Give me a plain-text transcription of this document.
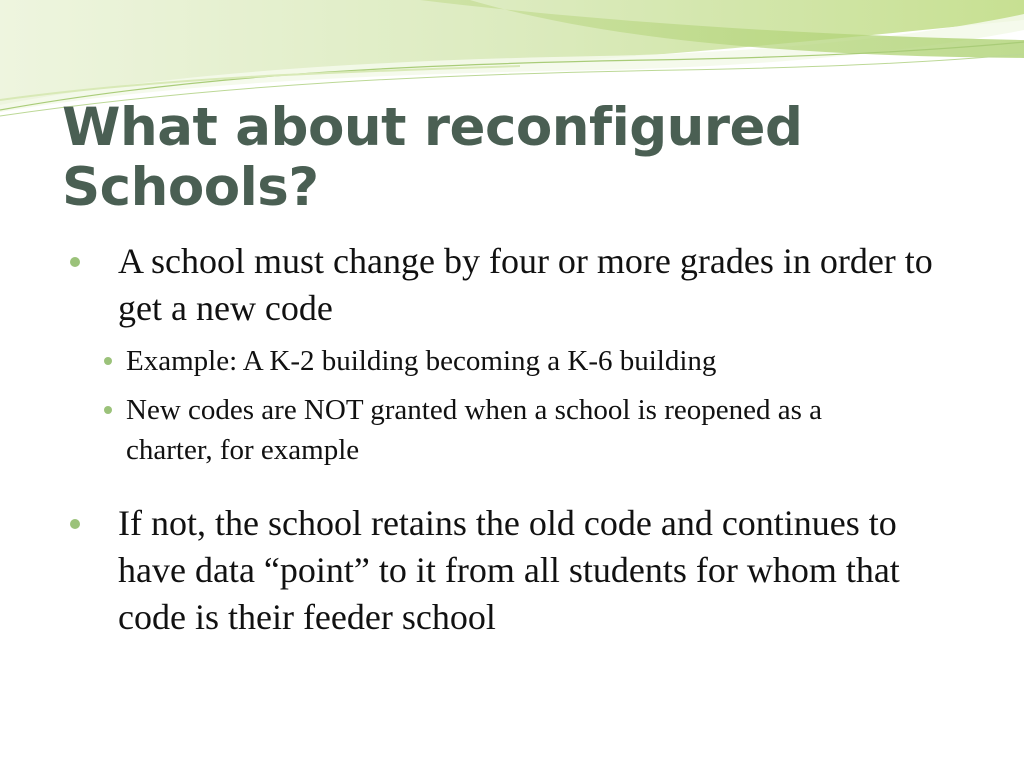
What about reconfigured Schools?
A school must change by four or more grades in order to get a new code
Example: A K-2 building becoming a K-6 building
New codes are NOT granted when a school is reopened as a charter, for example
If not, the school retains the old code and continues to have data “point” to it from all students for whom that code is their feeder school
